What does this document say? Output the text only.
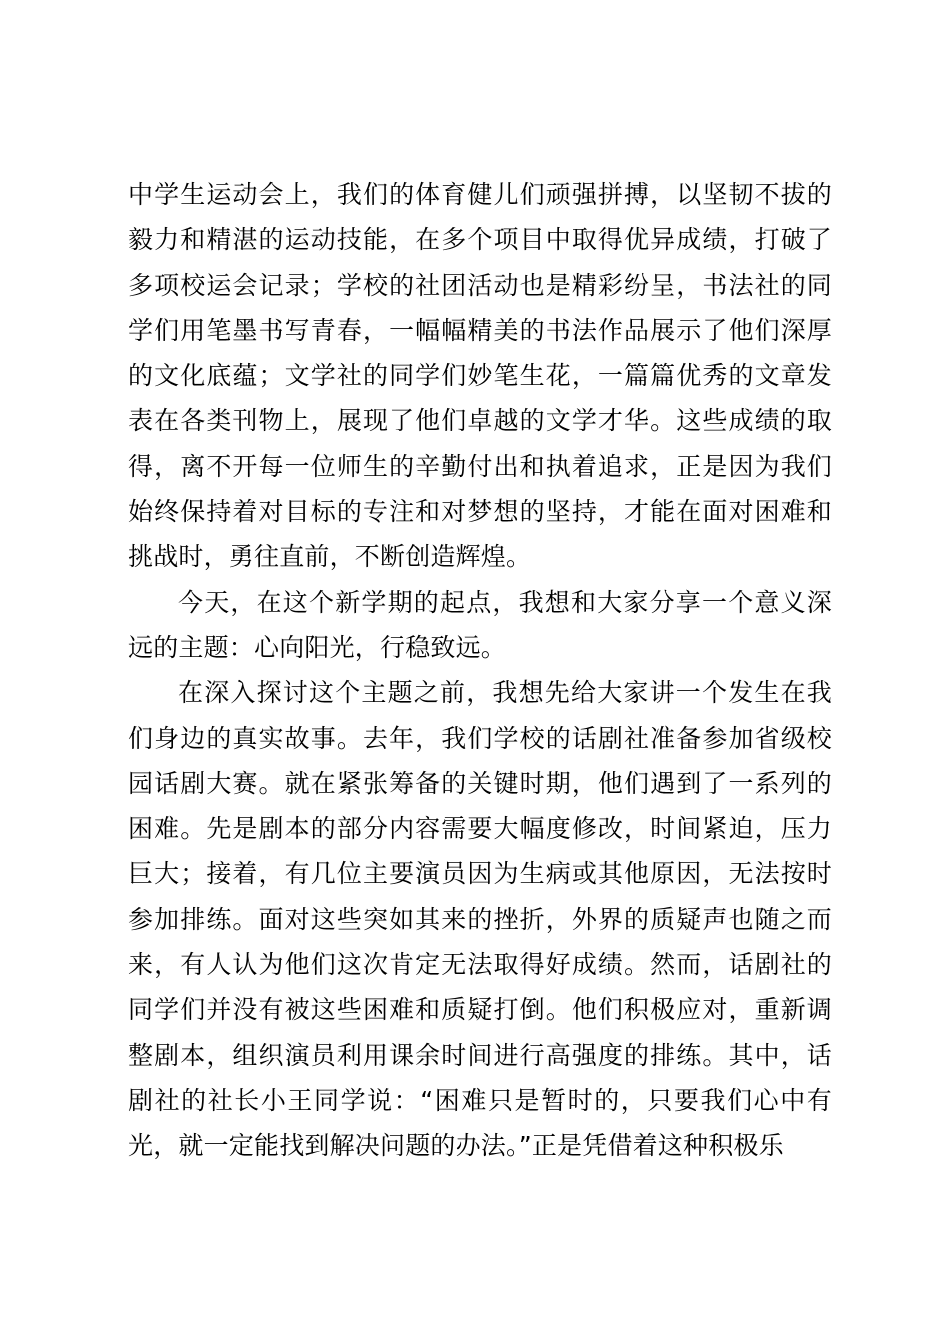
中学生运动会上，我们的体育健儿们顽强拼搏，以坚韧不拔的毅力和精湛的运动技能，在多个项目中取得优异成绩，打破了多项校运会记录；学校的社团活动也是精彩纷呈，书法社的同学们用笔墨书写青春，一幅幅精美的书法作品展示了他们深厚的文化底蕴；文学社的同学们妙笔生花，一篇篇优秀的文章发表在各类刊物上，展现了他们卓越的文学才华。这些成绩的取得，离不开每一位师生的辛勤付出和执着追求，正是因为我们始终保持着对目标的专注和对梦想的坚持，才能在面对困难和挑战时，勇往直前，不断创造辉煌。

今天，在这个新学期的起点，我想和大家分享一个意义深远的主题：心向阳光，行稳致远。

在深入探讨这个主题之前，我想先给大家讲一个发生在我们身边的真实故事。去年，我们学校的话剧社准备参加省级校园话剧大赛。就在紧张筹备的关键时期，他们遇到了一系列的困难。先是剧本的部分内容需要大幅度修改，时间紧迫，压力巨大；接着，有几位主要演员因为生病或其他原因，无法按时参加排练。面对这些突如其来的挫折，外界的质疑声也随之而来，有人认为他们这次肯定无法取得好成绩。然而，话剧社的同学们并没有被这些困难和质疑打倒。他们积极应对，重新调整剧本，组织演员利用课余时间进行高强度的排练。其中，话剧社的社长小王同学说：“困难只是暂时的，只要我们心中有光，就一定能找到解决问题的办法。”正是凭借着这种积极乐
